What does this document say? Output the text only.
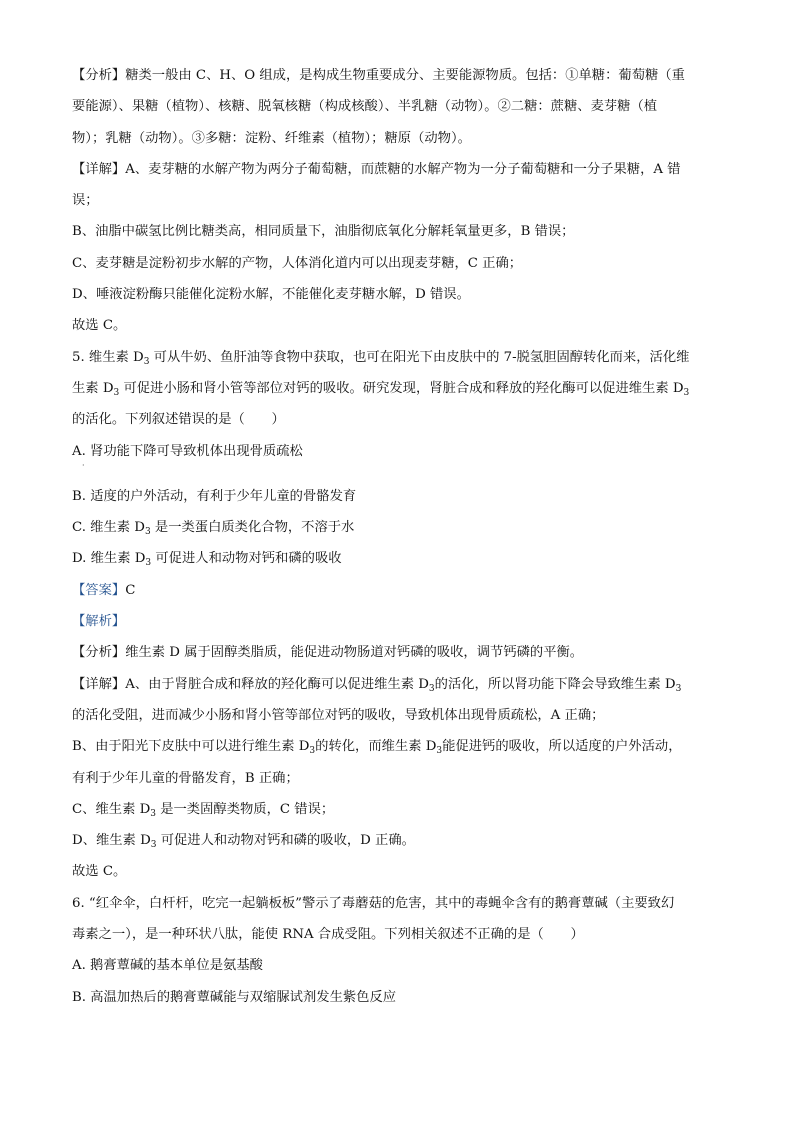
【分析】糖类一般由 C、H、O 组成，是构成生物重要成分、主要能源物质。包括：①单糖：葡萄糖（重
要能源）、果糖（植物）、核糖、脱氧核糖（构成核酸）、半乳糖（动物）。②二糖：蔗糖、麦芽糖（植
物）；乳糖（动物）。③多糖：淀粉、纤维素（植物）；糖原（动物）。
【详解】A、麦芽糖的水解产物为两分子葡萄糖，而蔗糖的水解产物为一分子葡萄糖和一分子果糖，A 错
误；
B、油脂中碳氢比例比糖类高，相同质量下，油脂彻底氧化分解耗氧量更多，B 错误；
C、麦芽糖是淀粉初步水解的产物，人体消化道内可以出现麦芽糖，C 正确；
D、唾液淀粉酶只能催化淀粉水解，不能催化麦芽糖水解，D 错误。
故选 C。
5. 维生素 $D_3$ 可从牛奶、鱼肝油等食物中获取，也可在阳光下由皮肤中的 7-脱氢胆固醇转化而来，活化维
生素 $D_3$ 可促进小肠和肾小管等部位对钙的吸收。研究发现，肾脏合成和释放的羟化酶可以促进维生素 $D_3$
的活化。下列叙述错误的是（　　）
A. 肾功能下降可导致机体出现骨质疏松
·
B. 适度的户外活动，有利于少年儿童的骨骼发育
C. 维生素 $D_3$ 是一类蛋白质类化合物，不溶于水
D. 维生素 $D_3$ 可促进人和动物对钙和磷的吸收
【答案】C
【解析】
【分析】维生素 D 属于固醇类脂质，能促进动物肠道对钙磷的吸收，调节钙磷的平衡。
【详解】A、由于肾脏合成和释放的羟化酶可以促进维生素 $D_3$的活化，所以肾功能下降会导致维生素 $D_3$
的活化受阻，进而减少小肠和肾小管等部位对钙的吸收，导致机体出现骨质疏松，A 正确；
B、由于阳光下皮肤中可以进行维生素 $D_3$的转化，而维生素 $D_3$能促进钙的吸收，所以适度的户外活动，
有利于少年儿童的骨骼发育，B 正确；
C、维生素 $D_3$ 是一类固醇类物质，C 错误；
D、维生素 $D_3$ 可促进人和动物对钙和磷的吸收，D 正确。
故选 C。
6. “红伞伞，白杆杆，吃完一起躺板板”警示了毒蘑菇的危害，其中的毒蝇伞含有的鹅膏蕈碱（主要致幻
毒素之一），是一种环状八肽，能使 RNA 合成受阻。下列相关叙述不正确的是（　　）
A. 鹅膏蕈碱的基本单位是氨基酸
B. 高温加热后的鹅膏蕈碱能与双缩脲试剂发生紫色反应
